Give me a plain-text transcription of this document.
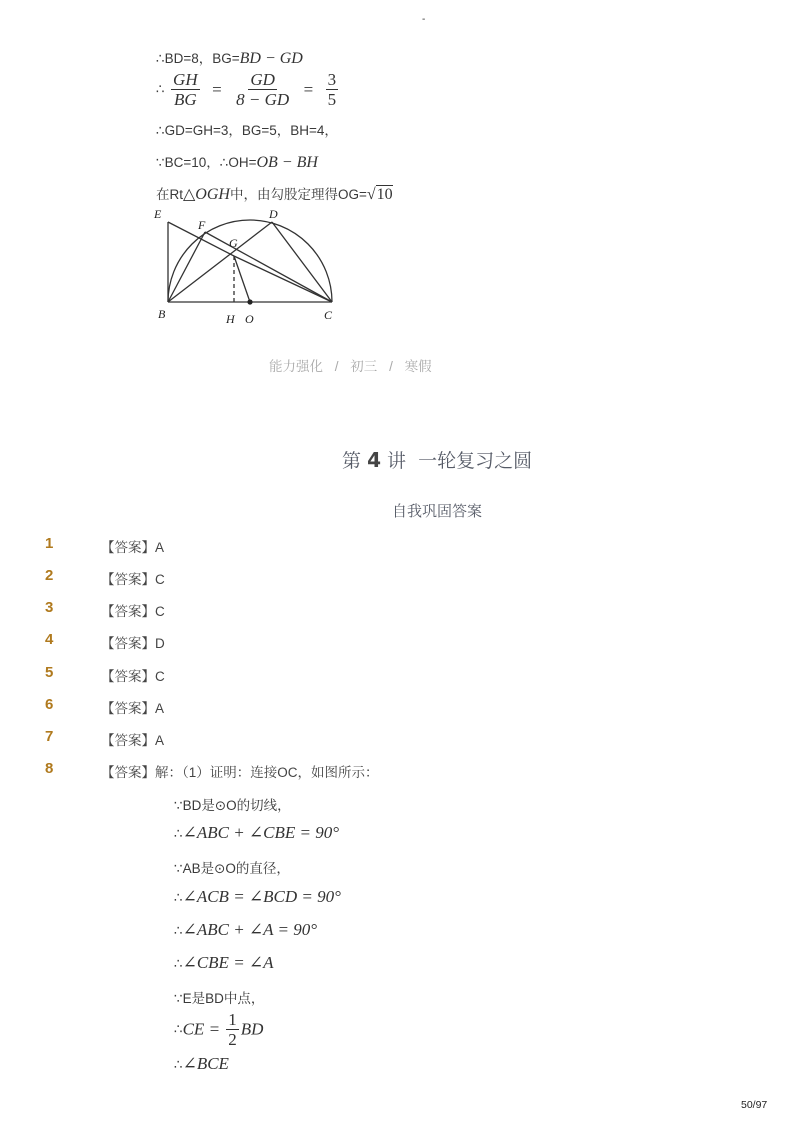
-
∴BD=8，BG=BD − GD
∴ $\frac{GH}{BG} = \frac{GD}{8 - GD} = \frac{3}{5}$
∴GD=GH=3，BG=5，BH=4，
∵BC=10，∴OH=OB − BH
在Rt△OGH中，由勾股定理得OG=√10
E
F
D
G
B	H O	C
能力强化 / 初三 / 寒假
第 4 讲 一轮复习之圆
自我巩固答案
1	【答案】A
2	【答案】C
3	【答案】C
4	【答案】D
5	【答案】C
6	【答案】A
7	【答案】A
8	【答案】解：（1）证明：连接OC，如图所示：
∵BD是⊙O的切线，
∴∠ABC + ∠CBE = 90°
∵AB是⊙O的直径，
∴∠ACB = ∠BCD = 90°
∴∠ABC + ∠A = 90°
∴∠CBE = ∠A
∵E是BD中点，
∴CE = $\frac{1}{2}$ BD
∴∠BCE
50/97
